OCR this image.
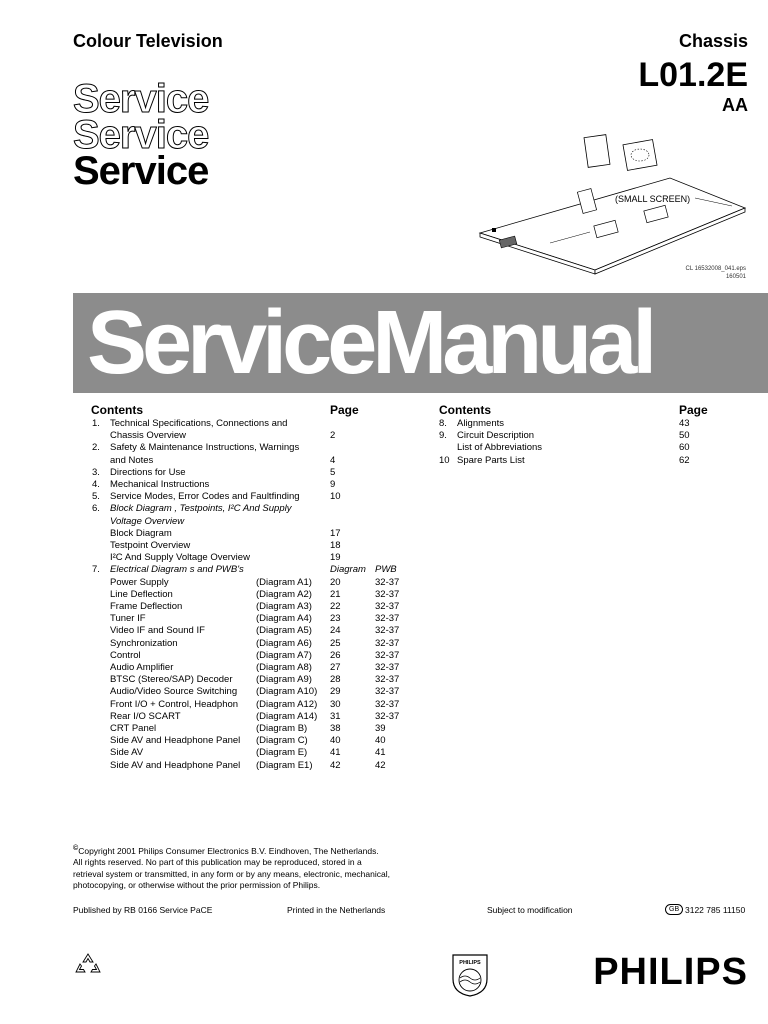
Colour Television	Chassis
L01.2E
AA
Service
Service
Service
(SMALL SCREEN)
CL 16532008_041.eps
160501
ServiceManual
Contents	Page
1. Technical Specifications, Connections and
Chassis Overview	2
2. Safety & Maintenance Instructions, Warnings
and Notes	4
3. Directions for Use	5
4. Mechanical Instructions	9
5. Service Modes, Error Codes and Faultfinding	10
6. Block Diagram , Testpoints, I²C And Supply
Voltage Overview
Block Diagram	17
Testpoint Overview	18
I²C And Supply Voltage Overview	19
7. Electrical Diagram s and PWB's	Diagram PWB
Power Supply	(Diagram A1) 20	32-37
Line Deflection	(Diagram A2) 21	32-37
Frame Deflection	(Diagram A3) 22	32-37
Tuner IF	(Diagram A4) 23	32-37
Video IF and Sound IF	(Diagram A5) 24	32-37
Synchronization	(Diagram A6) 25	32-37
Control	(Diagram A7) 26	32-37
Audio Amplifier	(Diagram A8) 27	32-37
BTSC (Stereo/SAP) Decoder (Diagram A9) 28	32-37
Audio/Video Source Switching (Diagram A10) 29	32-37
Front I/O + Control, Headphon (Diagram A12) 30	32-37
Rear I/O SCART	(Diagram A14) 31	32-37
CRT Panel	(Diagram B) 38	39
Side AV and Headphone Panel (Diagram C) 40	40
Side AV	(Diagram E) 41	41
Side AV and Headphone Panel (Diagram E1) 42	42
Contents	Page
8. Alignments	43
9. Circuit Description	50
List of Abbreviations	60
10 Spare Parts List	62
©Copyright 2001 Philips Consumer Electronics B.V. Eindhoven, The Netherlands.
All rights reserved. No part of this publication may be reproduced, stored in a
retrieval system or transmitted, in any form or by any means, electronic, mechanical,
photocopying, or otherwise without the prior permission of Philips.
Published by RB 0166 Service PaCE	Printed in the Netherlands	Subject to modification	GB 3122 785 11150
PHILIPS	PHILIPS
